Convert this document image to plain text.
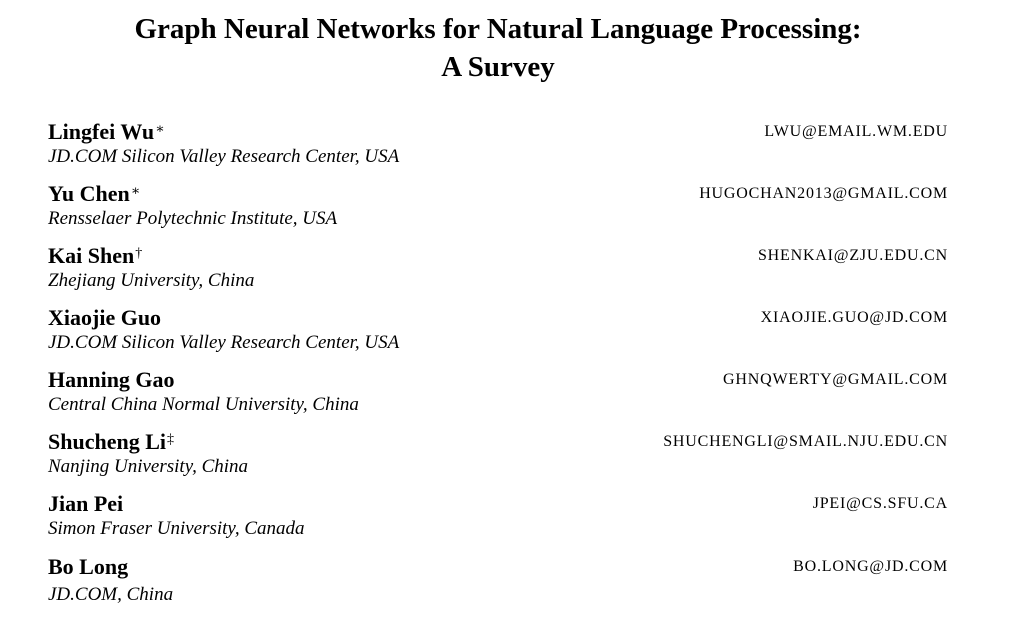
Graph Neural Networks for Natural Language Processing:
A Survey
Lingfei Wu∗
JD.COM Silicon Valley Research Center, USA
LWU@EMAIL.WM.EDU
Yu Chen∗
Rensselaer Polytechnic Institute, USA
HUGOCHAN2013@GMAIL.COM
Kai Shen†
Zhejiang University, China
SHENKAI@ZJU.EDU.CN
Xiaojie Guo
JD.COM Silicon Valley Research Center, USA
XIAOJIE.GUO@JD.COM
Hanning Gao
Central China Normal University, China
GHNQWERTY@GMAIL.COM
Shucheng Li‡
Nanjing University, China
SHUCHENGLI@SMAIL.NJU.EDU.CN
Jian Pei
Simon Fraser University, Canada
JPEI@CS.SFU.CA
Bo Long
JD.COM, China
BO.LONG@JD.COM
